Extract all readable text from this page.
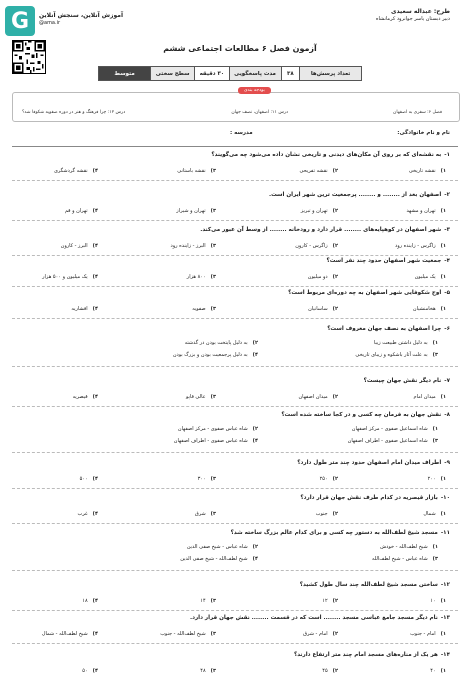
طرح: عبداله سعیدی
دبیر دبستان یاسر جوانرود کرمانشاه
G	آموزش آنلاین، سنجش آنلاین
@ama.ir
آزمون فصل ۶ مطالعات اجتماعی ششم
تعداد پرسش‌ها
۳۸
مدت پاسخگویی
۳۰ دقیقه
سطح سختی
متوسط
بودجه بندی
فصل ۶: سفری به اصفهان
درس ۱۱: اصفهان، نصف جهان
درس ۱۲: چرا فرهنگ و هنر در دوره صفویه شکوفا شد؟
نام و نام خانوادگی:
مدرسه :
۱-به نقشه‌ای که بر روی آن مکان‌های دیدنی و تاریخی نشان داده می‌شود چه می‌گویند؟
۱)نقشه تاریخی
۲)نقشه تفریحی
۳)نقشه باستانی
۴)نقشه گردشگری
۲-اصفهان بعد از ........ و ........ پرجمعیت ترین شهر ایران است.
۱)تهران و مشهد
۲)تهران و تبریز
۳)تهران و شیراز
۴)تهران و قم
۳-شهر اصفهان در کوهپایه‌های ........ قرار دارد و رودخانه ........ از وسط آن عبور می‌کند.
۱)زاگرس - زاینده رود
۲)زاگرس - کارون
۳)البرز - زاینده رود
۴)البرز - کارون
۴-جمعیت شهر اصفهان حدود چند نفر است؟
۱)یک میلیون
۲)دو میلیون
۳)۸۰۰ هزار
۴)یک میلیون و ۵۰۰ هزار
۵-اوج شکوفایی شهر اصفهان به چه دوره‌ای مربوط است؟
۱)هخامنشیان
۲)ساسانیان
۳)صفویه
۴)افشاریه
۶-چرا اصفهان به نصف جهان معروف است؟
۱)به دلیل داشتن طبیعت زیبا
۲)به دلیل پایتخت بودن در گذشته
۳)به علت آثار باشکوه و زیبای تاریخی
۴)به دلیل پرجمعیت بودن و بزرگ بودن
۷-نام دیگر نقش جهان چیست؟
۱)میدان امام
۲)میدان اصفهان
۳)عالی قاپو
۴)قیصریه
۸-نقش جهان به فرمان چه کسی و در کجا ساخته شده است؟
۱)شاه اسماعیل صفوی - مرکز اصفهان
۲)شاه عباس صفوی - مرکز اصفهان
۳)شاه اسماعیل صفوی - اطراف اصفهان
۴)شاه عباس صفوی - اطراف اصفهان
۹-اطراف میدان امام اصفهان حدود چند متر طول دارد؟
۱)۲۰۰
۲)۲۵۰
۳)۳۰۰
۴)۵۰۰
۱۰-بازار قیصریه در کدام طرف نقش جهان قرار دارد؟
۱)شمال
۲)جنوب
۳)شرق
۴)غرب
۱۱-مسجد شیخ لطف‌الله به دستور چه کسی و برای کدام عالم بزرگ ساخته شد؟
۱)شیخ لطف‌الله - خودش
۲)شاه عباس - شیخ صفی الدین
۳)شاه عباس - شیخ لطف‌الله
۴)شیخ لطف‌الله - شیخ صفی الدین
۱۲-ساختن مسجد شیخ لطف‌الله چند سال طول کشید؟
۱)۱۰
۲)۱۲
۳)۱۴
۴)۱۸
۱۳-نام دیگر مسجد جامع عباسی مسجد ........ است که در قسمت ........ نقش جهان قرار دارد.
۱)امام - جنوب
۲)امام - شرق
۳)شیخ لطف‌الله - جنوب
۴)شیخ لطف‌الله - شمال
۱۴-هر یک از مناره‌های مسجد امام چند متر ارتفاع دارند؟
۱)۴۰
۲)۴۵
۳)۴۸
۴)۵۰
